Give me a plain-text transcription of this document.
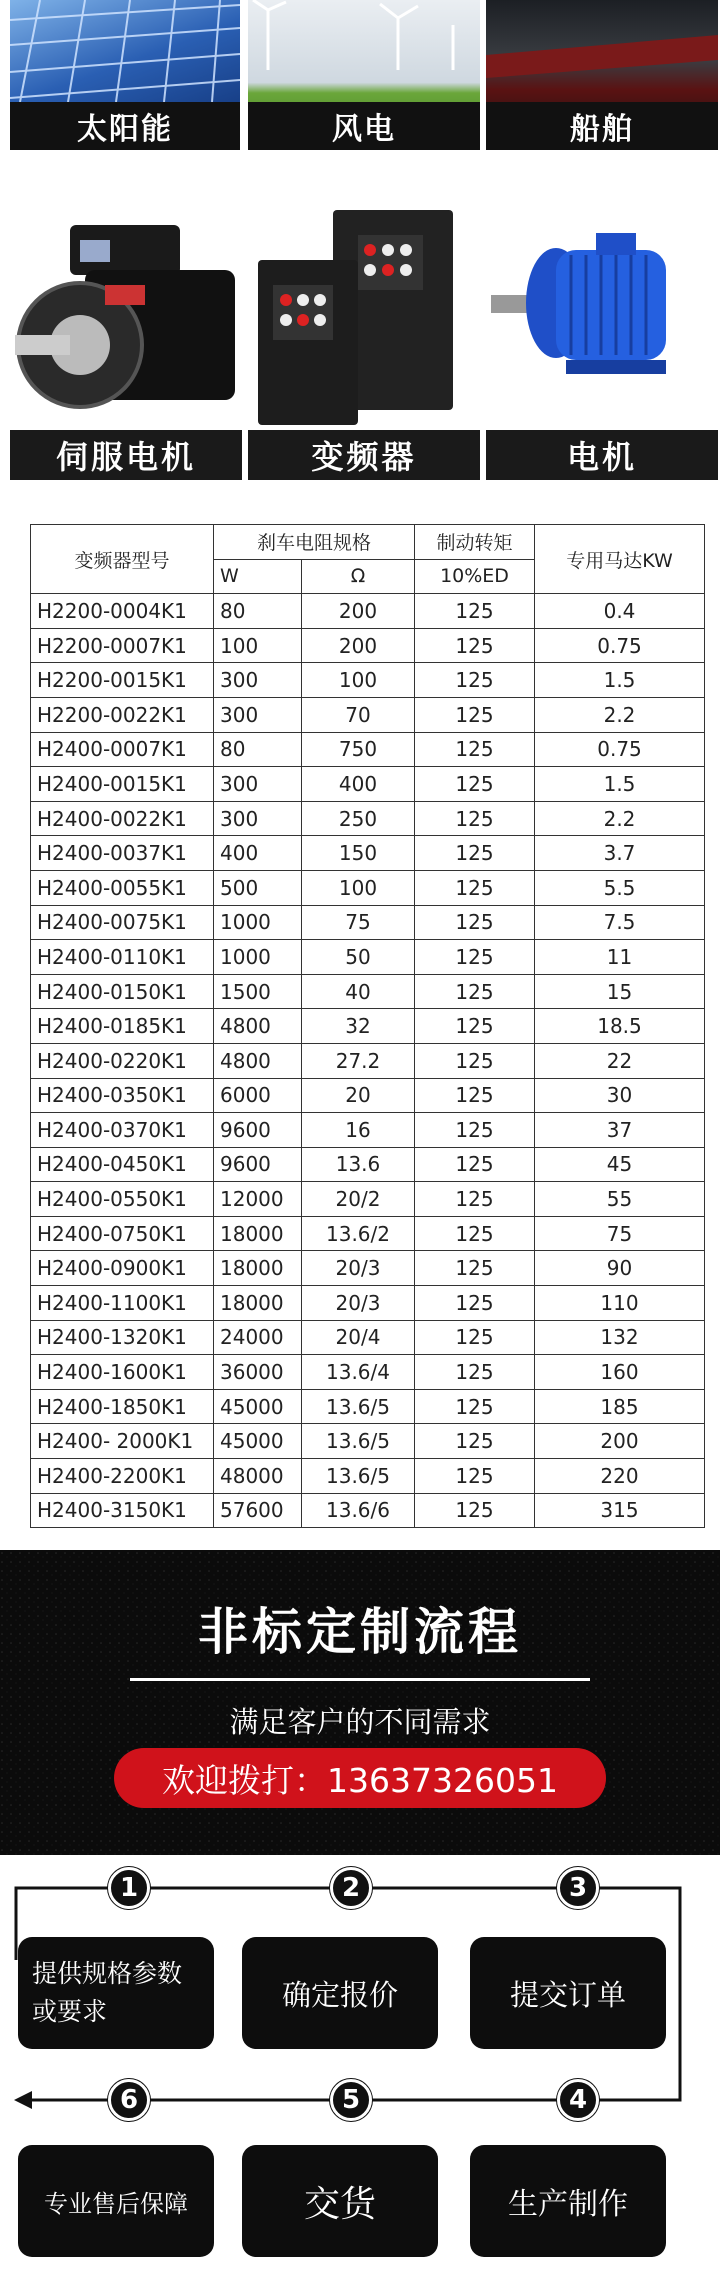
太阳能	风电	船舶
伺服电机	变频器	电机
变频器型号	刹车电阻规格		制动转矩	专用马达KW
	W	Ω	10%ED	
H2200-0004K1	80	200	125	0.4
H2200-0007K1	100	200	125	0.75
H2200-0015K1	300	100	125	1.5
H2200-0022K1	300	70	125	2.2
H2400-0007K1	80	750	125	0.75
H2400-0015K1	300	400	125	1.5
H2400-0022K1	300	250	125	2.2
H2400-0037K1	400	150	125	3.7
H2400-0055K1	500	100	125	5.5
H2400-0075K1	1000	75	125	7.5
H2400-0110K1	1000	50	125	11
H2400-0150K1	1500	40	125	15
H2400-0185K1	4800	32	125	18.5
H2400-0220K1	4800	27.2	125	22
H2400-0350K1	6000	20	125	30
H2400-0370K1	9600	16	125	37
H2400-0450K1	9600	13.6	125	45
H2400-0550K1	12000	20/2	125	55
H2400-0750K1	18000	13.6/2	125	75
H2400-0900K1	18000	20/3	125	90
H2400-1100K1	18000	20/3	125	110
H2400-1320K1	24000	20/4	125	132
H2400-1600K1	36000	13.6/4	125	160
H2400-1850K1	45000	13.6/5	125	185
H2400- 2000K1	45000	13.6/5	125	200
H2400-2200K1	48000	13.6/5	125	220
H2400-3150K1	57600	13.6/6	125	315
非标定制流程
满足客户的不同需求
欢迎拨打：13637326051
1	2	3
6	5	4
提供规格参数或要求	确定报价	提交订单
专业售后保障	交货	生产制作
